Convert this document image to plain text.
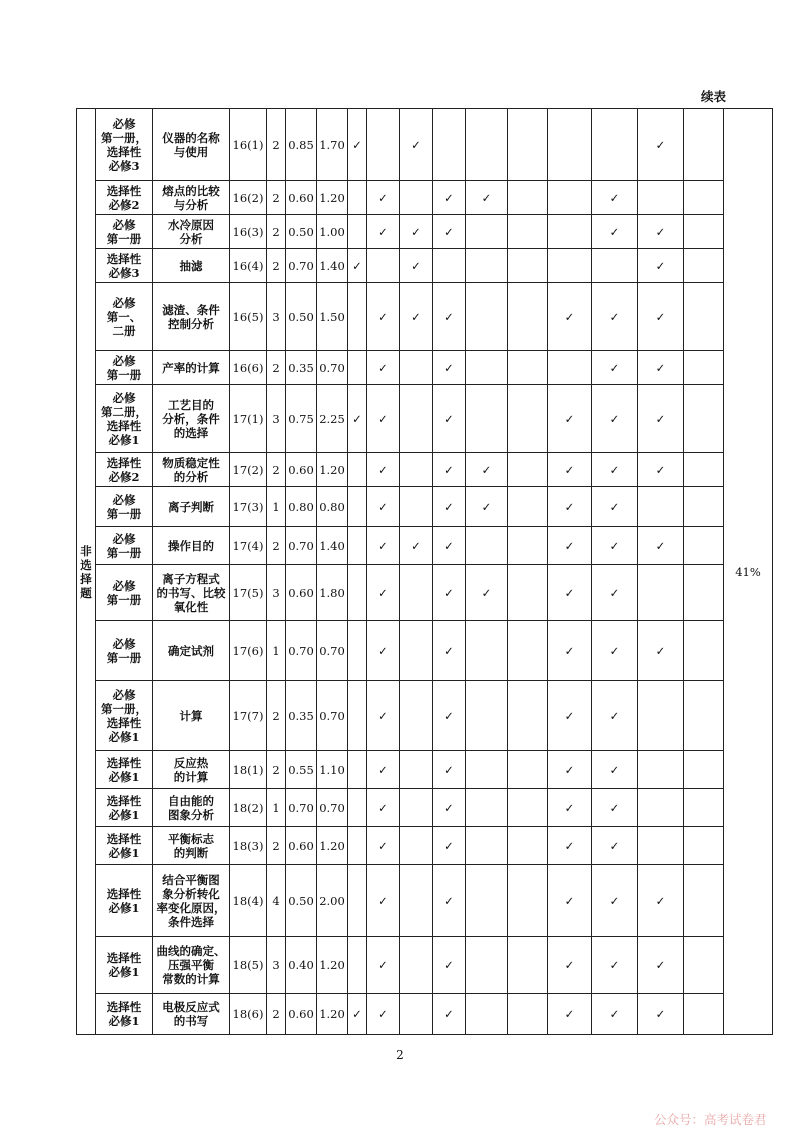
续表
非选择题	必修
第一册，
选择性
必修3	仪器的名称
与使用	16(1)	2	0.85	1.70	✓		✓						✓		41%
	选择性
必修2	熔点的比较
与分析	16(2)	2	0.60	1.20		✓		✓	✓			✓			
	必修
第一册	水冷原因
分析	16(3)	2	0.50	1.00		✓	✓	✓				✓	✓		
	选择性
必修3	抽滤	16(4)	2	0.70	1.40	✓		✓						✓		
	必修
第一、
二册	滤渣、条件
控制分析	16(5)	3	0.50	1.50		✓	✓	✓			✓	✓	✓		
	必修
第一册	产率的计算	16(6)	2	0.35	0.70		✓		✓				✓	✓		
	必修
第二册，
选择性
必修1	工艺目的
分析，条件
的选择	17(1)	3	0.75	2.25	✓	✓		✓			✓	✓	✓		
	选择性
必修2	物质稳定性
的分析	17(2)	2	0.60	1.20		✓		✓	✓		✓	✓	✓		
	必修
第一册	离子判断	17(3)	1	0.80	0.80		✓		✓	✓		✓	✓			
	必修
第一册	操作目的	17(4)	2	0.70	1.40		✓	✓	✓			✓	✓	✓		
	必修
第一册	离子方程式
的书写、比较
氧化性	17(5)	3	0.60	1.80		✓		✓	✓		✓	✓			
	必修
第一册	确定试剂	17(6)	1	0.70	0.70		✓		✓			✓	✓	✓		
	必修
第一册，
选择性
必修1	计算	17(7)	2	0.35	0.70		✓		✓			✓	✓			
	选择性
必修1	反应热
的计算	18(1)	2	0.55	1.10		✓		✓			✓	✓			
	选择性
必修1	自由能的
图象分析	18(2)	1	0.70	0.70		✓		✓			✓	✓			
	选择性
必修1	平衡标志
的判断	18(3)	2	0.60	1.20		✓		✓			✓	✓			
	选择性
必修1	结合平衡图
象分析转化
率变化原因，
条件选择	18(4)	4	0.50	2.00		✓		✓			✓	✓	✓		
	选择性
必修1	曲线的确定、
压强平衡
常数的计算	18(5)	3	0.40	1.20		✓		✓			✓	✓	✓		
	选择性
必修1	电极反应式
的书写	18(6)	2	0.60	1.20	✓	✓		✓			✓	✓	✓		
2
公众号：高考试卷君
